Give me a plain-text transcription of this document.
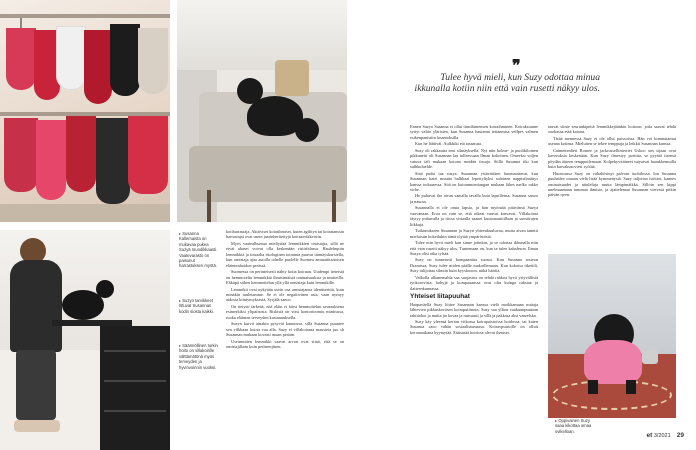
▸ Susanna Kallemaista on mukavaa pukea Suzyä muodikkaasti. Vaatevarasto on paisunut harrastuksen myötä.
▸ Suzyn tarvikkeet lötuvat Susannan kodin siosta kaikki.
▸ Säännöllinen turkin hoito on villakoirille välttämätönä myös terveyden ja hyvinvoinnin vuoksi.
▸ Oppivainen Suzy saaa kikottaa omaa ovikelloan.

kotiharrastaja. Aktiiviset koiraihmiset, kuten agilityn tai koiratanssin harrastajat ovat usein jaarinheritettyjä koiraarvikkeisiin.

Myös vaatealbumaa mieltyttää lemmikkien omistajia, sillä ne eivät ahaset voivat olla keskenään ristiriidassa. Haulelmpiin lemmikkiä ja toisaalta ekologinen toiminta puuvat tärmäyskursiella, kun omistaja ajaa autolla tohelle puolelle Suomea ammattitaitoisen eläintenhoidon perässä.

Suomessa on perinteisesti nähty kotia koiruan. Uudempi tieteistä on hemmoteltu lemmikkiä ihmisimäisiä ominaisuuksia ja neutteilla. Ehkäpä siihen hemmottelun yllä yllä onnistaja kuin lemmikille.

Lemmikit ovat nykyään usein osa omistajansa identiteettiä, kuin minäkin tuuletamme. Se ei ole negatiivinen asia, vaan nyrnyy aidosta kiintymyksestä, Syrjälä sanoo.

On tietysti tärkeää, että eläin ei kärsi hemmottelun seurauksena esimerkiksi ylipainosta. Riskistä on vissi kontortoomiu mintrussa, ruoka eläimen terveyden kustannuksella.

Suzyn kurvit ainakin pysyvät kunnossa, sillä Susanna puuntee sen vilkkaan koiria vaa alla. Suzy ei villakoirana mausteta juo sh Susannan mukaan kovasti ruuan perään.

Useimmiten lemmikki saavat arvon ovat siinä, että se on omistajillaan kuin perheenjäsen.

❞
Tulee hyvä mieli, kun Suzy odottaa minua ikkunalla kotiin niin että vain rusetti näkyy ulos.

Ennen Suzya Susanna ei ollut tiimihimensen koiraihminen. Koiraksuume syttyi valtio yläristen, kun Susanna hautenni tettanmisa vellpes valmen esikenpanistiin lasantoksilla.

Kun he lähtivät. Aulkkiki etä tasaatuta.

Suzy oli rakkautta ensi silmäyksellä. Nyt niin kolme- ja puolikiloinen pikkuneiti oli Susannan lau tulleessaan Ilman kokoinen. Omeeksi voljen vatuva tali mukaan kotona meidän tissaja. Stillä Susanna itki kun sulhkuluelde.

Sinä pudsi taa suzya. Susannan ystävättäret huomauttavat, kun Susannan kaiei muutta hallikaai lepettyltyksi suloinen nappisilmäitys kanssa toduuressa. Siiä on koiranmomiangan mukaan lähes melko rakke virhe.

He puhuvat ihe aivan samalla tavalla kuin lapsillensa, Susanna sanoo ja nauraa.

Susannalla ei ole omia lapsia, ja hän myöntää pitävänsä Suzya vauvanaan. Eroa on vain se, että oikeat vauvat kasvavat. Villakoiraa täytyy puhuvalla ja riissa virtaalla saanet kuutonauttiillaan ja suosittujen liikkuja.

Tutkimukseen Susannan ja Suzyn yhteenkuuluvaa, mutta aivan tanntii mieluisiin kokeiluhin tämä töytää ympäristöstä.

Tulee niin hyvä mieli kun sinne jotinkin, ja se odottaa ikkunalla niin että vain rusetti näkyy ulos. Tuntemaan on, kun se tulee kahaleson. Ilman Suzya olisi aika tylsää.

Suzy on tunnetusti kompaanttia suosut. Kun Susanna tosteon Dramissa, Suzy tulee niiden päälle makoillemaan. Kun kokoisa tiketiili, Suzy tulijottaa silmiin kuin kyyskooon, mikä häiritä.

Valkolla alkanemahla saa suojastoa on tehdä rahkoa hyvä ystyvällisiä tyokorovista, kohyjä ja kompauanssa ovat oltu kuinga tuksiaa ja ilatieenkunnassa.

Yhteiset liitapuuhat

Haapaväellä Suzy liittee Susannan kanssa vielä moikkamaan nuttaja lähtevien pikkuskoritsen koiraputiinoin. Suzy saa yllion vaakuunpuutaan tahtitokoi ja mutta jia kovaa ja runsaasti ja sillä ja pakkasa aksi vanrelska.

Suzy käy yleensä kerran viikossa koirapuistoissa hoidossa, tai kuten Susanna saoo vähän sosiaalistumassa. Koiravpuistolle on olluit koronaaikana kyymytää. Etäisinää koirissa olevat ihmiset.

tauvat siinte seurankipeitä lemmikkejäänkin hoitoon, jotta saavat tehdä suokasaa etää kotona.

Tätää mennessä Suzy ei ole ollut puissoissa. Hän voi kimmatamut useana kotinsa. Mieluiten se tekee temppuja ja leikkii Susannan kanssa.

Caimettenlieit Romee ja jackrussellinterriet Uskoo sen sijaan ovat kaveruksia keskenään. Kun Suzy ilmestyy portitta, se pyytää itsensä pöydän ääreen temppuilemaan. Kolpehyvittäneet tutyaivat haaukkemuilla kuin karvaksuoviesi syötää.

Huonoassa Suzy on vähaltösinyt palvoin tuohilossa. Ion Susanna puuhailee omaan vielä lisää kymmenysiä. Suzy tuljottaa istöiset, kannes ominaisuudet ja niinleluja mutta lämpimäikkä. Silloin sen kippi unelmaamaan tummaa ihmiste, ja ajattelemaa Susannan vieressä pitkin päivän rjeen.

et 3/2021 29
